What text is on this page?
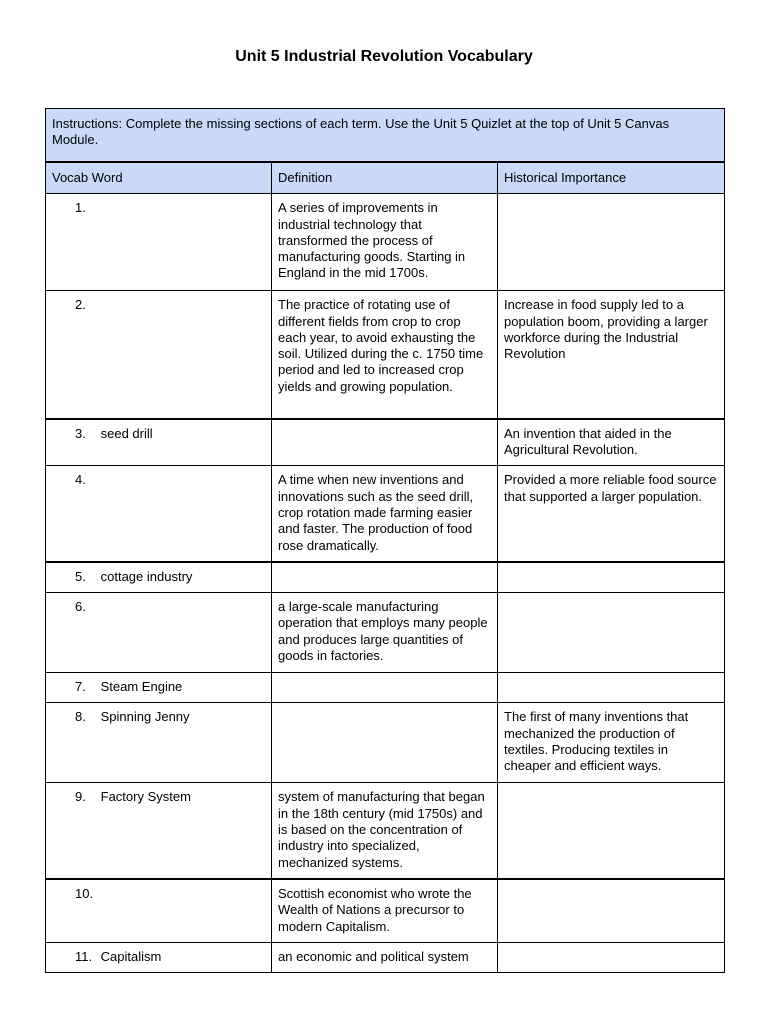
Unit 5 Industrial Revolution Vocabulary
Instructions: Complete the missing sections of each term. Use the Unit 5 Quizlet at the top of Unit 5 Canvas Module.		
Vocab Word	Definition	Historical Importance
1.	A series of improvements in industrial technology that transformed the process of manufacturing goods. Starting in England in the mid 1700s.	
2.	The practice of rotating use of different fields from crop to crop each year, to avoid exhausting the soil. Utilized during the c. 1750 time period and led to increased crop yields and growing population.	Increase in food supply led to a population boom, providing a larger workforce during the Industrial Revolution
3. seed drill		An invention that aided in the Agricultural Revolution.
4.	A time when new inventions and innovations such as the seed drill, crop rotation made farming easier and faster. The production of food rose dramatically.	Provided a more reliable food source that supported a larger population.
5. cottage industry		
6.	a large-scale manufacturing operation that employs many people and produces large quantities of goods in factories.	
7. Steam Engine		
8. Spinning Jenny		The first of many inventions that mechanized the production of textiles. Producing textiles in cheaper and efficient ways.
9. Factory System	system of manufacturing that began in the 18th century (mid 1750s) and is based on the concentration of industry into specialized, mechanized systems.	
10.	Scottish economist who wrote the Wealth of Nations a precursor to modern Capitalism.	
11. Capitalism	an economic and political system	
